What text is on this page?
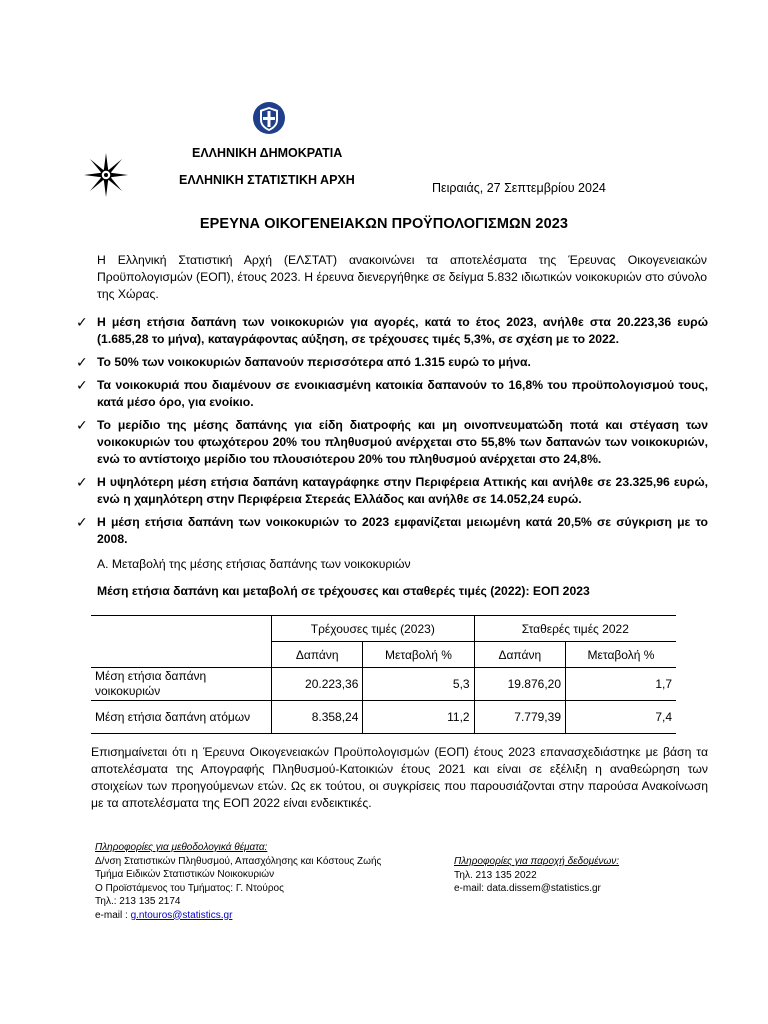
ΕΛΛΗΝΙΚΗ ΔΗΜΟΚΡΑΤΙΑ
ΕΛΛΗΝΙΚΗ ΣΤΑΤΙΣΤΙΚΗ ΑΡΧΗ
Πειραιάς, 27 Σεπτεμβρίου 2024
ΕΡΕΥΝΑ ΟΙΚΟΓΕΝΕΙΑΚΩΝ ΠΡΟΫΠΟΛΟΓΙΣΜΩΝ 2023
Η Ελληνική Στατιστική Αρχή (ΕΛΣΤΑΤ) ανακοινώνει τα αποτελέσματα της Έρευνας Οικογενειακών Προϋπολογισμών (ΕΟΠ), έτους 2023. Η έρευνα διενεργήθηκε σε δείγμα 5.832 ιδιωτικών νοικοκυριών στο σύνολο της Χώρας.
✓ Η μέση ετήσια δαπάνη των νοικοκυριών για αγορές, κατά το έτος 2023, ανήλθε στα 20.223,36 ευρώ (1.685,28 το μήνα), καταγράφοντας αύξηση, σε τρέχουσες τιμές 5,3%, σε σχέση με το 2022.
✓ Το 50% των νοικοκυριών δαπανούν περισσότερα από 1.315 ευρώ το μήνα.
✓ Τα νοικοκυριά που διαμένουν σε ενοικιασμένη κατοικία δαπανούν το 16,8% του προϋπολογισμού τους, κατά μέσο όρο, για ενοίκιο.
✓ Το μερίδιο της μέσης δαπάνης για είδη διατροφής και μη οινοπνευματώδη ποτά και στέγαση των νοικοκυριών του φτωχότερου 20% του πληθυσμού ανέρχεται στο 55,8% των δαπανών των νοικοκυριών, ενώ το αντίστοιχο μερίδιο του πλουσιότερου 20% του πληθυσμού ανέρχεται στο 24,8%.
✓ Η υψηλότερη μέση ετήσια δαπάνη καταγράφηκε στην Περιφέρεια Αττικής και ανήλθε σε 23.325,96 ευρώ, ενώ η χαμηλότερη στην Περιφέρεια Στερεάς Ελλάδος και ανήλθε σε 14.052,24 ευρώ.
✓ Η μέση ετήσια δαπάνη των νοικοκυριών το 2023 εμφανίζεται μειωμένη κατά 20,5% σε σύγκριση με το 2008.
Α. Μεταβολή της μέσης ετήσιας δαπάνης των νοικοκυριών
Μέση ετήσια δαπάνη και μεταβολή σε τρέχουσες και σταθερές τιμές (2022): ΕΟΠ 2023
	Τρέχουσες τιμές (2023)		Σταθερές τιμές 2022	
	Δαπάνη	Μεταβολή %	Δαπάνη	Μεταβολή %
Μέση ετήσια δαπάνη νοικοκυριών	20.223,36	5,3	19.876,20	1,7
Μέση ετήσια δαπάνη ατόμων	8.358,24	11,2	7.779,39	7,4
Επισημαίνεται ότι η Έρευνα Οικογενειακών Προϋπολογισμών (ΕΟΠ) έτους 2023 επανασχεδιάστηκε με βάση τα αποτελέσματα της Απογραφής Πληθυσμού-Κατοικιών έτους 2021 και είναι σε εξέλιξη η αναθεώρηση των στοιχείων των προηγούμενων ετών. Ως εκ τούτου, οι συγκρίσεις που παρουσιάζονται στην παρούσα Ανακοίνωση με τα αποτελέσματα της ΕΟΠ 2022 είναι ενδεικτικές.
Πληροφορίες για μεθοδολογικά θέματα:
Δ/νση Στατιστικών Πληθυσμού, Απασχόλησης και Κόστους Ζωής
Τμήμα Ειδικών Στατιστικών Νοικοκυριών
Ο Προϊστάμενος του Τμήματος: Γ. Ντούρος
Τηλ.: 213 135 2174
e-mail : g.ntouros@statistics.gr
Πληροφορίες για παροχή δεδομένων:
Τηλ. 213 135 2022
e-mail: data.dissem@statistics.gr
